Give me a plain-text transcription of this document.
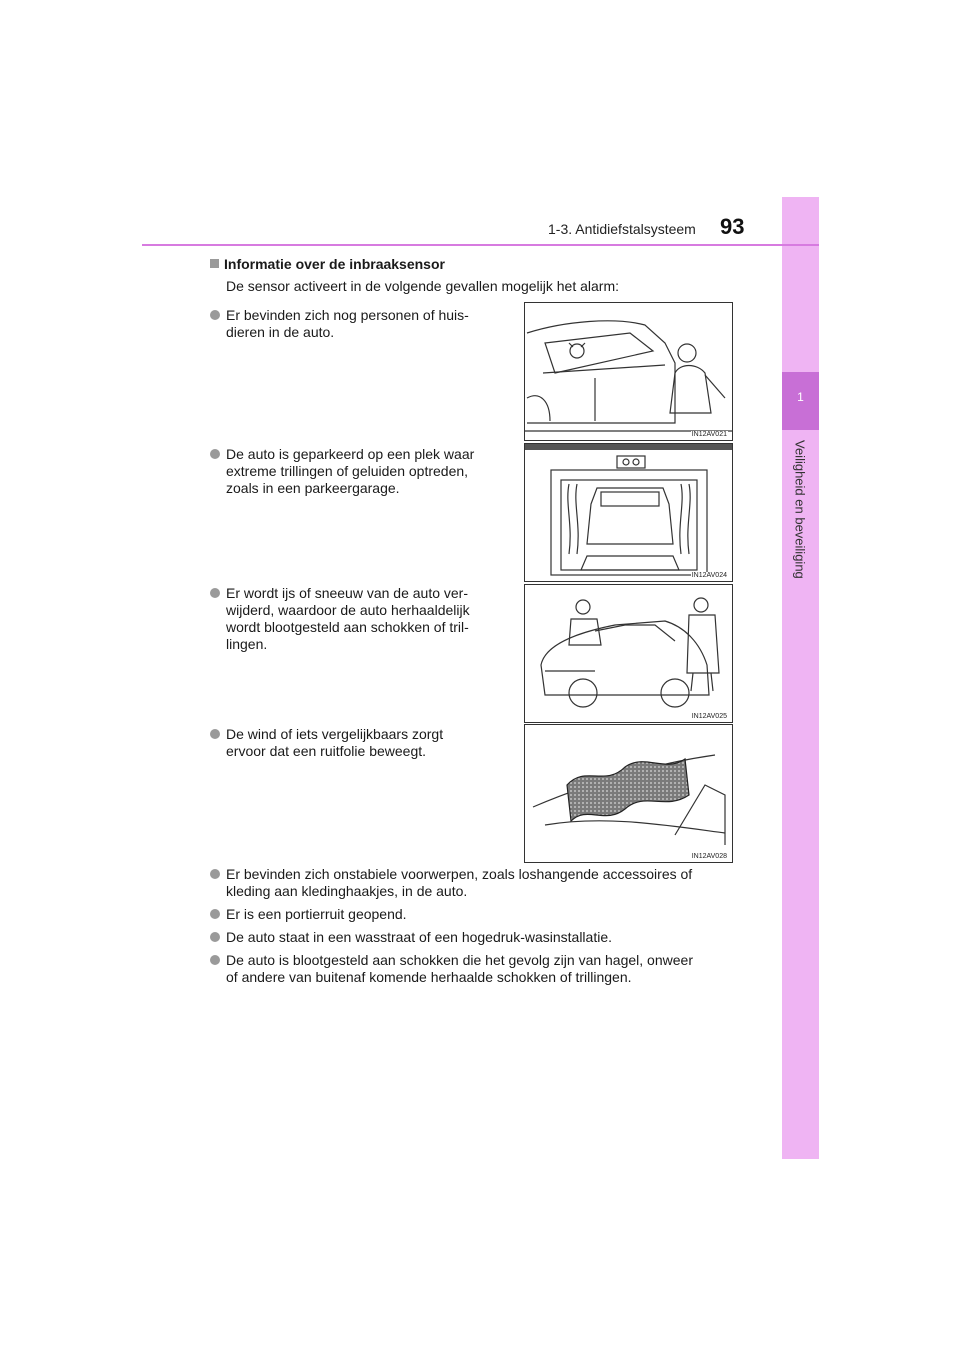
1
Veiligheid en beveiliging
1-3. Antidiefstalsysteem 93
Informatie over de inbraaksensor
De sensor activeert in de volgende gevallen mogelijk het alarm:
Er bevinden zich nog personen of huis-
dieren in de auto.
De auto is geparkeerd op een plek waar
extreme trillingen of geluiden optreden,
zoals in een parkeergarage.
Er wordt ijs of sneeuw van de auto ver-
wijderd, waardoor de auto herhaaldelijk
wordt blootgesteld aan schokken of tril-
lingen.
De wind of iets vergelijkbaars zorgt
ervoor dat een ruitfolie beweegt.
IN12AV021
IN12AV024
IN12AV025
IN12AV028
Er bevinden zich onstabiele voorwerpen, zoals loshangende accessoires of
kleding aan kledinghaakjes, in de auto.
Er is een portierruit geopend.
De auto staat in een wasstraat of een hogedruk-wasinstallatie.
De auto is blootgesteld aan schokken die het gevolg zijn van hagel, onweer
of andere van buitenaf komende herhaalde schokken of trillingen.
